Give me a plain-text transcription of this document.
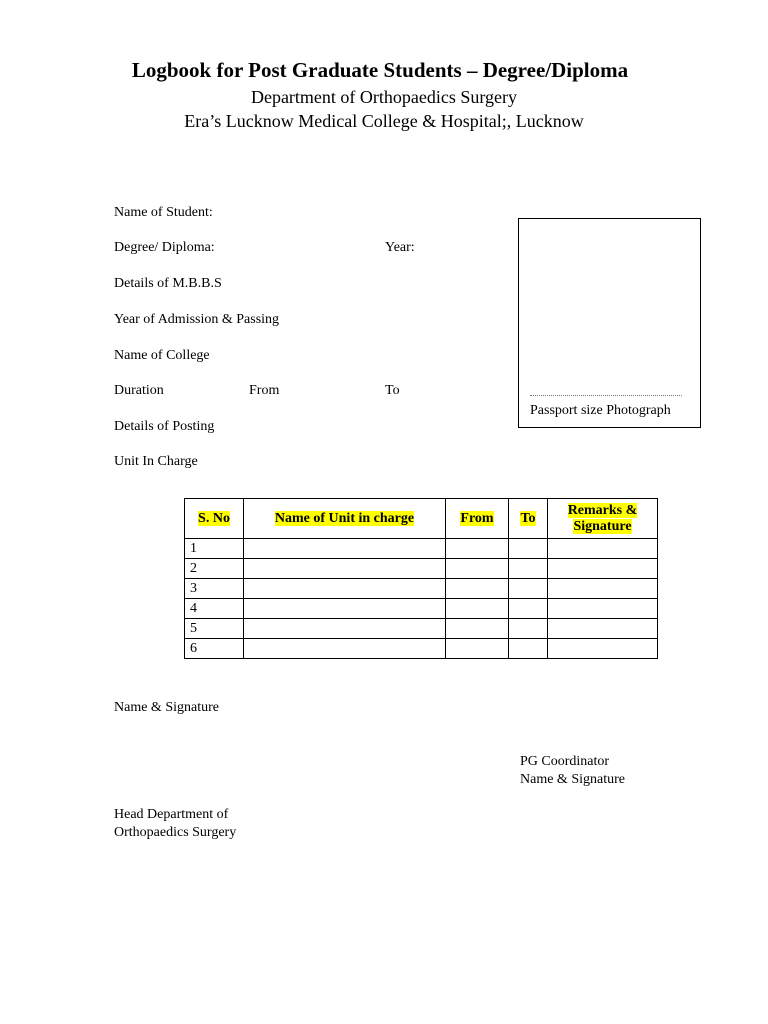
Logbook for Post Graduate Students – Degree/Diploma
Department of Orthopaedics Surgery
Era’s Lucknow Medical College & Hospital;, Lucknow
Name of Student:
Degree/ Diploma:	Year:
Details of M.B.B.S
Year of Admission & Passing
Name of College
Duration	From	To
Details of Posting
Unit In Charge
Passport size Photograph
S. No	Name of Unit in charge	From	To	Remarks & Signature
1				
2				
3				
4				
5				
6				
Name & Signature
PG Coordinator
Name & Signature
Head Department of
Orthopaedics Surgery
